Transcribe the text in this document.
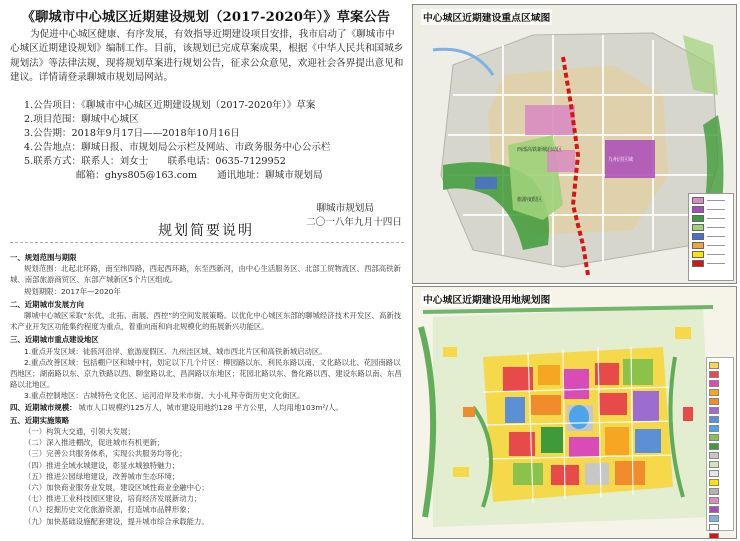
《聊城市中心城区近期建设规划（2017-2020年）》草案公告

为促进中心城区健康、有序发展，有效指导近期建设项目安排，我市启动了《聊城市中心城区近期建设规划》编制工作。目前，该规划已完成草案成果，根据《中华人民共和国城乡规划法》等法律法规，现将规划草案进行规划公告，征求公众意见，欢迎社会各界提出意见和建议。详情请登录聊城市规划局网站。

1.公告项目：《聊城市中心城区近期建设规划（2017-2020年）》草案
2.项目范围：聊城中心城区
3.公告期：2018年9月17日——2018年10月16日
4.公告地点：聊城日报、市规划局公示栏及网站、市政务服务中心公示栏
5.联系方式：联系人：刘女士　　联系电话：0635-7129952
邮箱：ghys805@163.com 通讯地址：聊城市规划局
聊城市规划局
二〇一八年九月十四日
规划简要说明
一、规划范围与期限
规划范围：北起北环路，南至纬四路，西起西环路，东至西新河，由中心生活服务区、北部工贸物流区、西部高铁新城、南部旅游商贸区、东部产城新区5个片区组成。
规划期限：2017年—2020年
二、近期城市发展方向
聊城中心城区采取“东优、北拓、南展、西控”的空间发展策略。以优化中心城区东部的聊城经济技术开发区、高新技术产业开发区功能集约程度为重点，着重向南和向北规模化的拓展新兴功能区。
三、近期城市重点建设地区
1.重点开发区域：徒骇河沿岸、旅游度假区、九州洼区域、城市西北片区和高铁新城启动区。
2.重点改善区域：包括棚户区和城中村，划定以下几个片区：柳园路以东、利民东路以南、文化路以北、花园南路以西地区；湖南路以东、京九铁路以西、聊堂路以北、昌润路以东地区；花园北路以东、鲁化路以西、建设东路以南、东昌路以北地区。
3.重点控制地区：古城特色文化区、运河沿岸及米市街、大小礼拜寺街历史文化街区。
四、近期城市规模： 城市人口规模约125万人，城市建设用地约128 平方公里，人均用地103m²/人。
五、近期实施策略
（一）构筑大交通，引领大发展；
（二）深入推进棚改，促进城市有机更新；
（三）完善公共服务体系，实现公共服务均等化；
（四）推进全域水城建设，彰显水城独特魅力；
（五）推进公园绿地建设，改善城市生态环境；
（六）加快商业服务业发展，建设区域性商业金融中心；
（七）推进工业科技园区建设，培育经济发展新动力；
（八）挖掘历史文化旅游资源，打造城市品牌形象；
（九）加快基础设施配套建设，提升城市综合承载能力。
西部高铁新城启动区
九州洼区域
旅游度假区
中心城区近期建设重点区域图
中心城区近期建设用地规划图
